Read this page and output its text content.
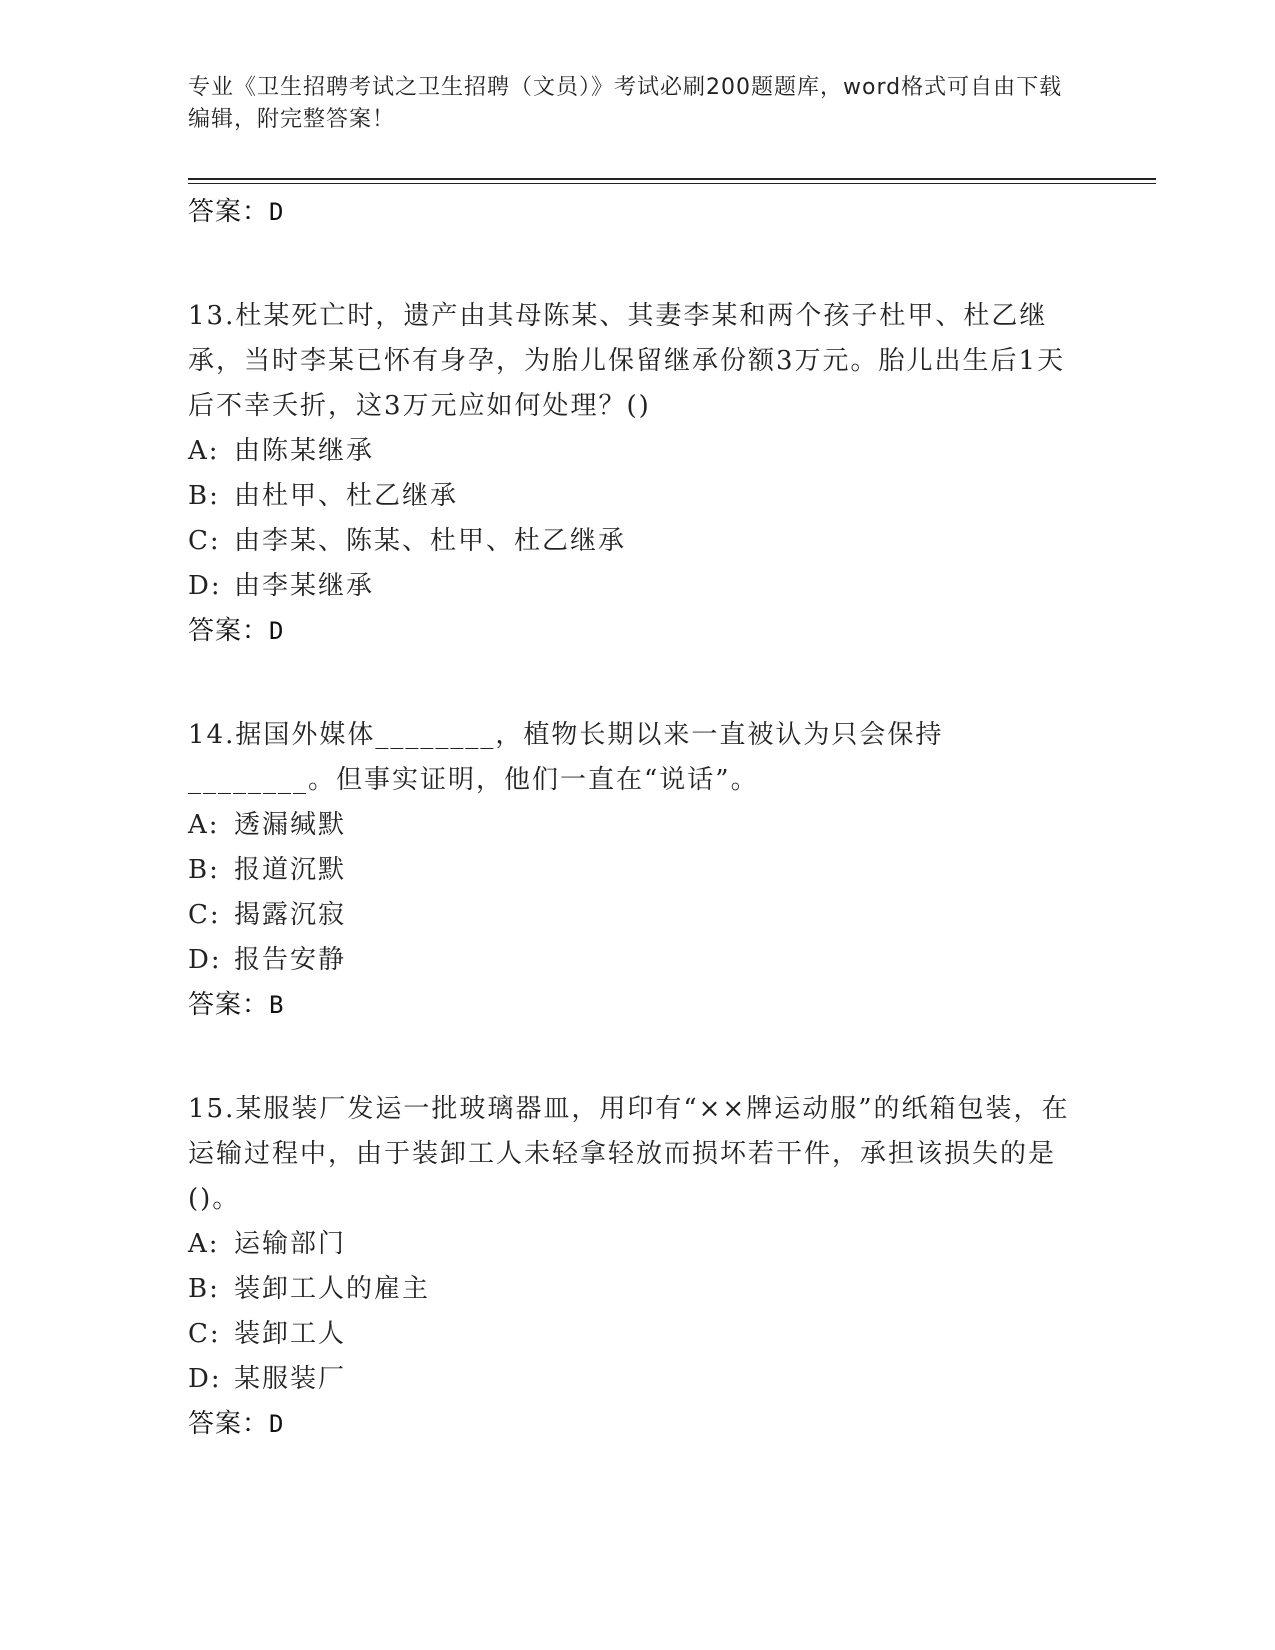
专业《卫生招聘考试之卫生招聘（文员）》考试必刷200题题库，word格式可自由下载编辑，附完整答案！
答案：D
13.杜某死亡时，遗产由其母陈某、其妻李某和两个孩子杜甲、杜乙继承，当时李某已怀有身孕，为胎儿保留继承份额3万元。胎儿出生后1天后不幸夭折，这3万元应如何处理？()
A: 由陈某继承
B: 由杜甲、杜乙继承
C: 由李某、陈某、杜甲、杜乙继承
D: 由李某继承
答案：D
14.据国外媒体________，植物长期以来一直被认为只会保持________。但事实证明，他们一直在“说话”。
A: 透漏缄默
B: 报道沉默
C: 揭露沉寂
D: 报告安静
答案：B
15.某服装厂发运一批玻璃器皿，用印有“××牌运动服”的纸箱包装，在运输过程中，由于装卸工人未轻拿轻放而损坏若干件，承担该损失的是()。
A: 运输部门
B: 装卸工人的雇主
C: 装卸工人
D: 某服装厂
答案：D
